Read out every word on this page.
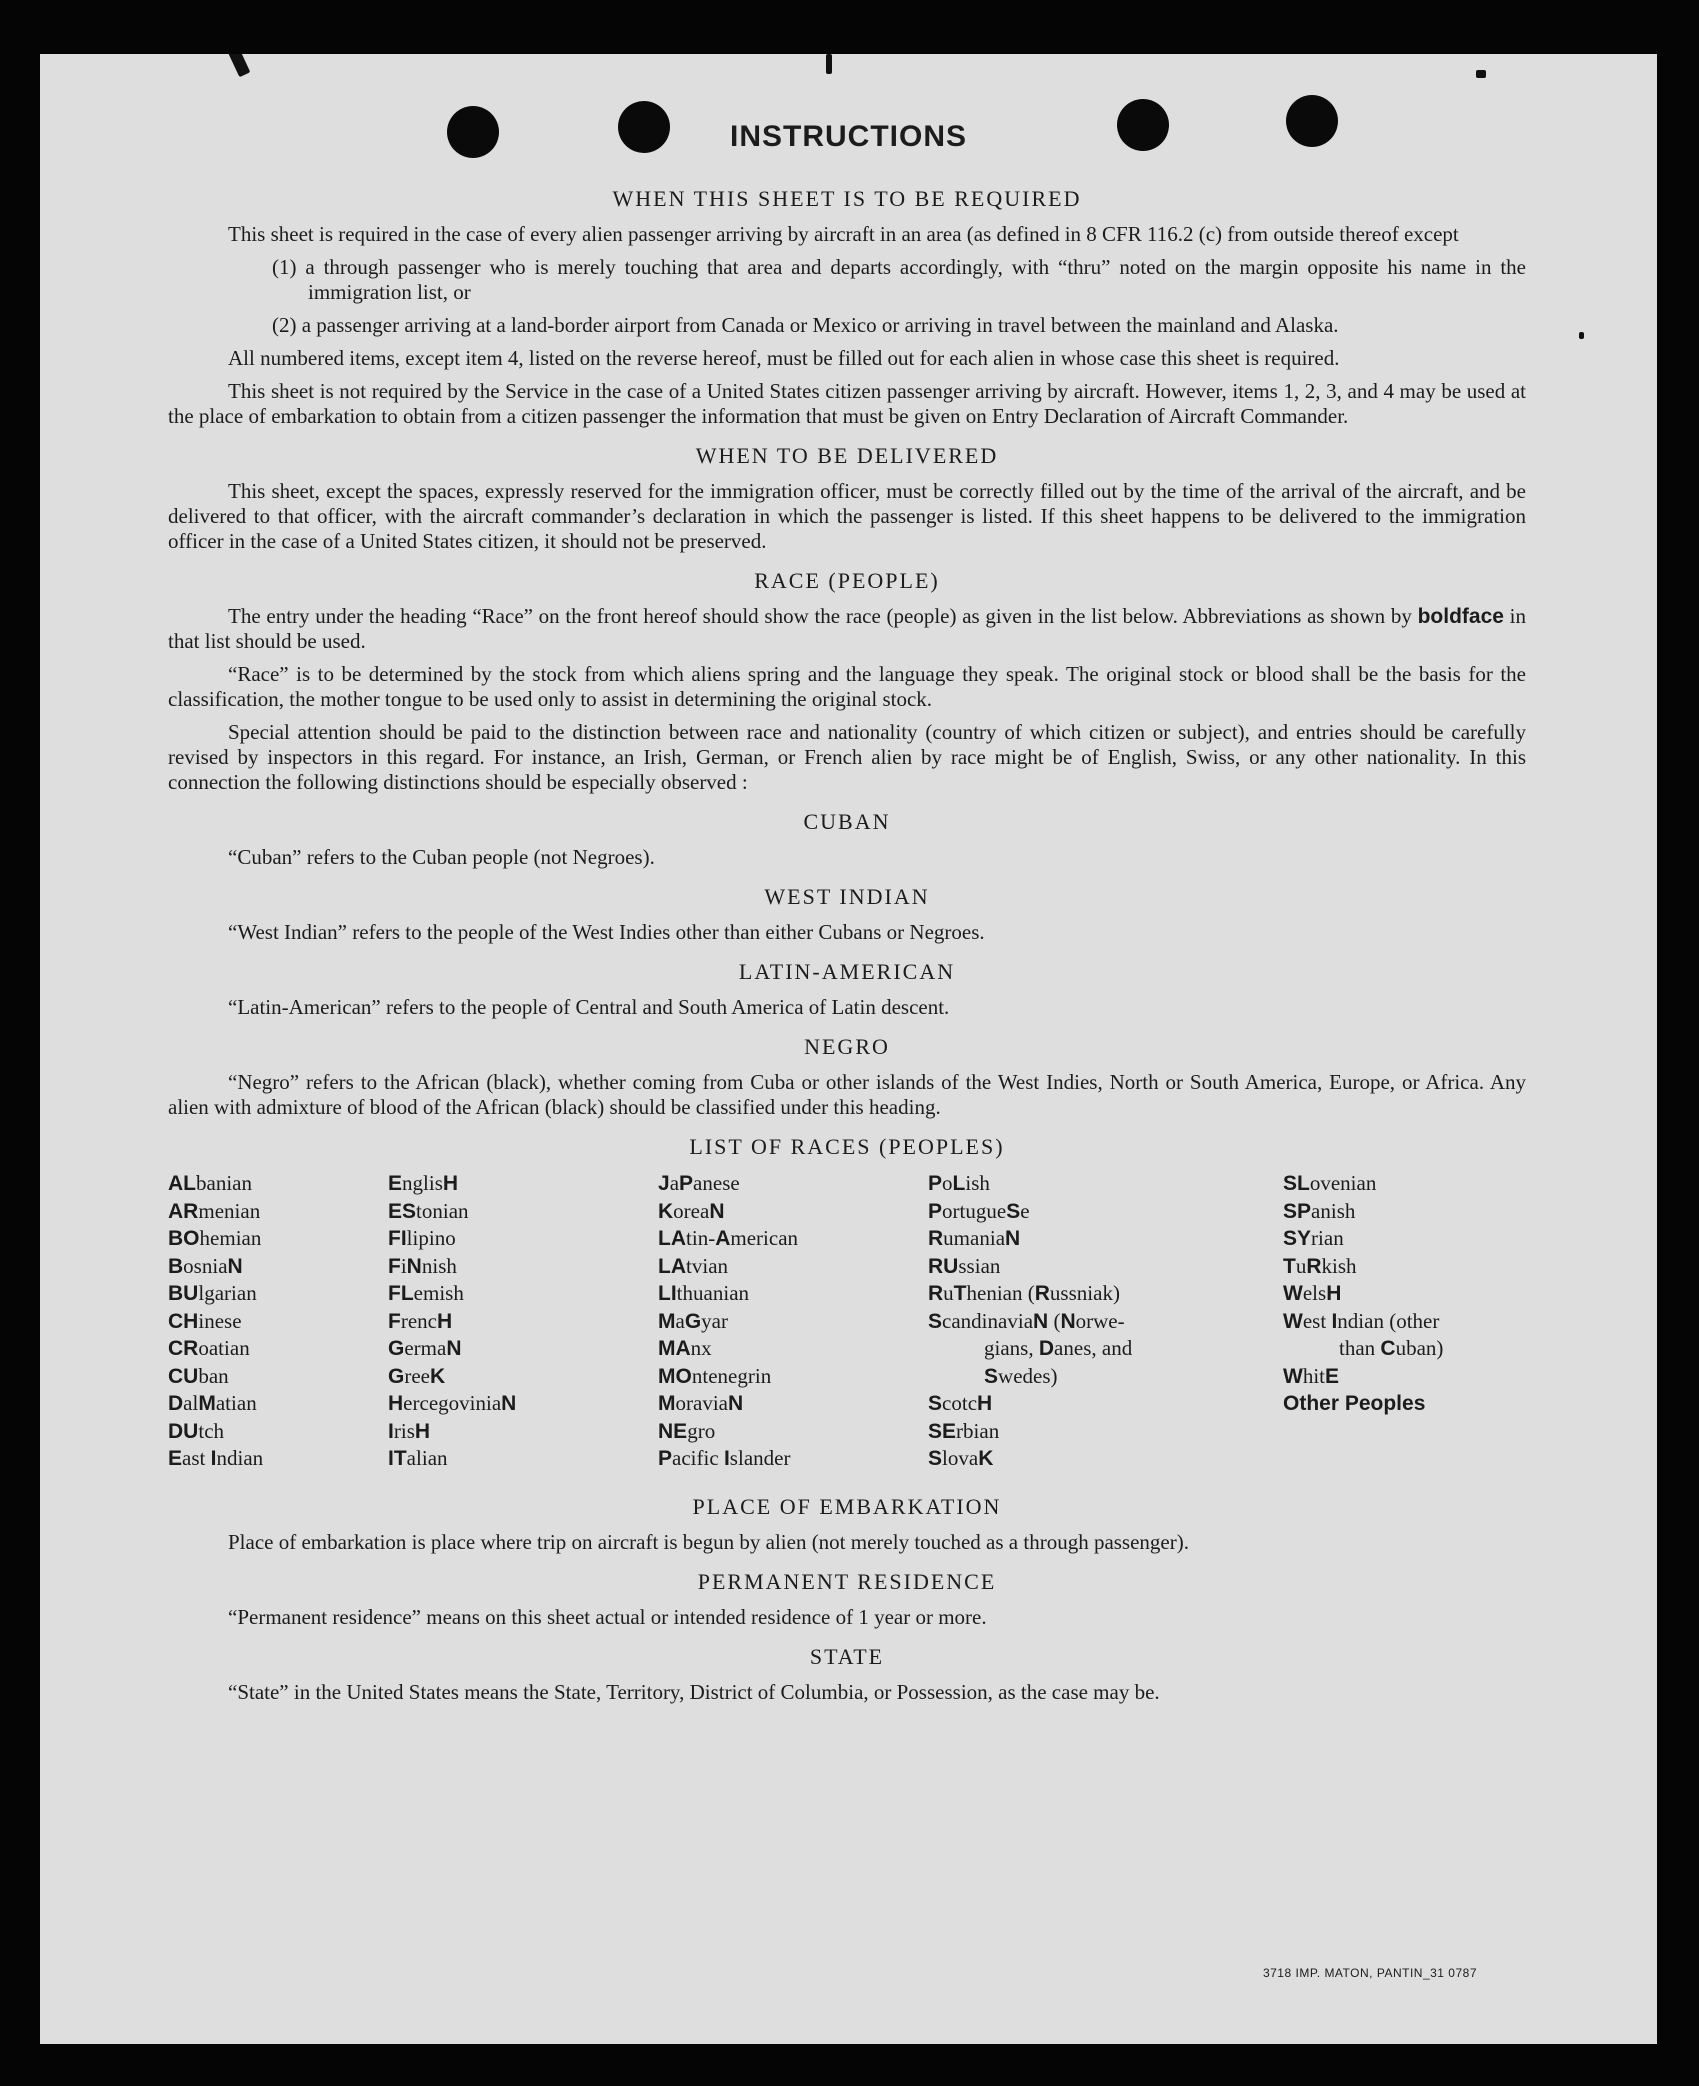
INSTRUCTIONS
WHEN THIS SHEET IS TO BE REQUIRED

This sheet is required in the case of every alien passenger arriving by aircraft in an area (as defined in 8 CFR 116.2 (c) from outside thereof except

(1) a through passenger who is merely touching that area and departs accordingly, with “thru” noted on the margin opposite his name in the immigration list, or

(2) a passenger arriving at a land-border airport from Canada or Mexico or arriving in travel between the mainland and Alaska.

All numbered items, except item 4, listed on the reverse hereof, must be filled out for each alien in whose case this sheet is required.

This sheet is not required by the Service in the case of a United States citizen passenger arriving by aircraft. However, items 1, 2, 3, and 4 may be used at the place of embarkation to obtain from a citizen passenger the information that must be given on Entry Declaration of Aircraft Commander.

WHEN TO BE DELIVERED

This sheet, except the spaces, expressly reserved for the immigration officer, must be correctly filled out by the time of the arrival of the aircraft, and be delivered to that officer, with the aircraft commander’s declaration in which the passenger is listed. If this sheet happens to be delivered to the immigration officer in the case of a United States citizen, it should not be preserved.

RACE (PEOPLE)

The entry under the heading “Race” on the front hereof should show the race (people) as given in the list below. Abbreviations as shown by boldface in that list should be used.

“Race” is to be determined by the stock from which aliens spring and the language they speak. The original stock or blood shall be the basis for the classification, the mother tongue to be used only to assist in determining the original stock.

Special attention should be paid to the distinction between race and nationality (country of which citizen or subject), and entries should be carefully revised by inspectors in this regard. For instance, an Irish, German, or French alien by race might be of English, Swiss, or any other nationality. In this connection the following distinctions should be especially observed :

CUBAN

“Cuban” refers to the Cuban people (not Negroes).

WEST INDIAN

“West Indian” refers to the people of the West Indies other than either Cubans or Negroes.

LATIN-AMERICAN

“Latin-American” refers to the people of Central and South America of Latin descent.

NEGRO

“Negro” refers to the African (black), whether coming from Cuba or other islands of the West Indies, North or South America, Europe, or Africa. Any alien with admixture of blood of the African (black) should be classified under this heading.

LIST OF RACES (PEOPLES)
ALbanian
ARmenian
BOhemian
BosniaN
BUlgarian
CHinese
CRoatian
CUban
DalMatian
DUtch
East Indian
EnglisH
EStonian
FIlipino
FiNnish
FLemish
FrencH
GermaN
GreeK
HercegoviniaN
IrisH
ITalian
JaPanese
KoreaN
LAtin-American
LAtvian
LIthuanian
MaGyar
MAnx
MOntenegrin
MoraviaN
NEgro
Pacific Islander
PoLish
PortugueSe
RumaniaN
RUssian
RuThenian (Russniak)
ScandinaviaN (Norwe-
gians, Danes, and
Swedes)
ScotcH
SErbian
SlovaK
SLovenian
SPanish
SYrian
TuRkish
WelsH
West Indian (other
than Cuban)
WhitE
Other Peoples
PLACE OF EMBARKATION

Place of embarkation is place where trip on aircraft is begun by alien (not merely touched as a through passenger).

PERMANENT RESIDENCE

“Permanent residence” means on this sheet actual or intended residence of 1 year or more.

STATE

“State” in the United States means the State, Territory, District of Columbia, or Possession, as the case may be.

3718 IMP. MATON, PANTIN_31 0787
